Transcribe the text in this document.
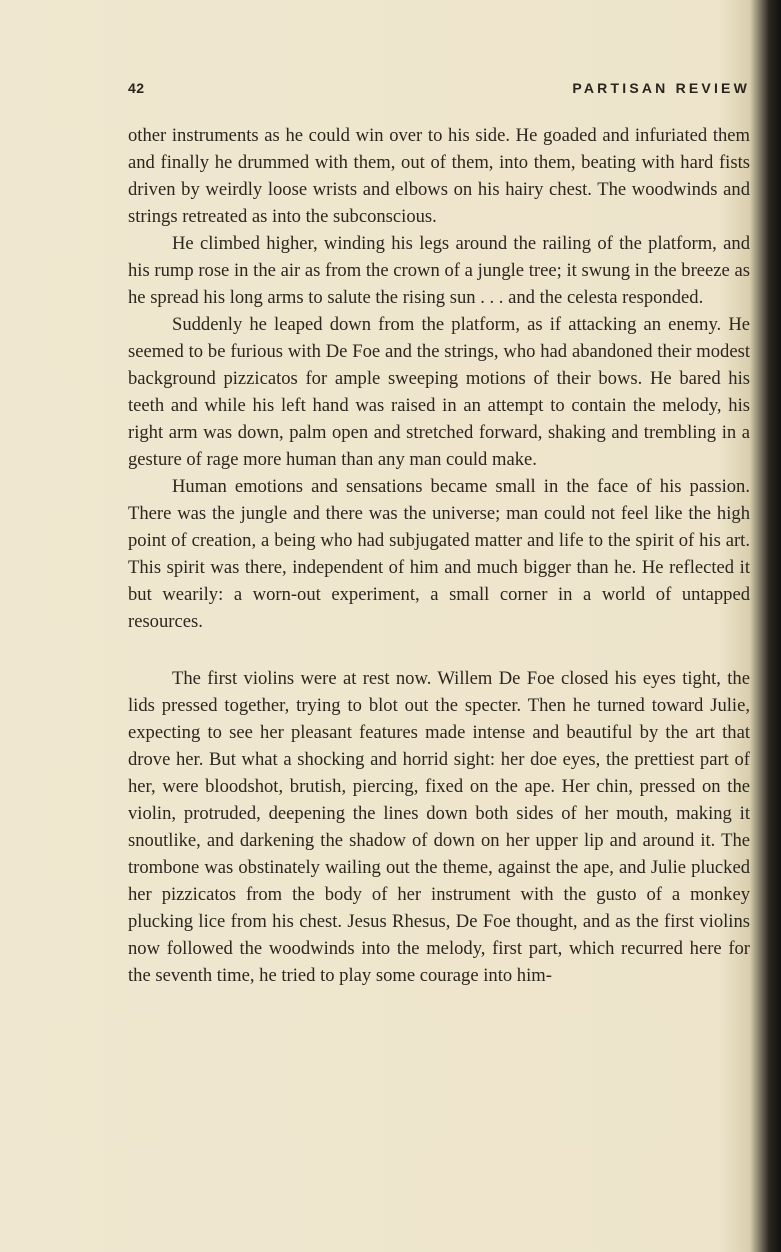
42	PARTISAN REVIEW

other instruments as he could win over to his side. He goaded and infuriated them and finally he drummed with them, out of them, into them, beating with hard fists driven by weirdly loose wrists and elbows on his hairy chest. The woodwinds and strings retreated as into the subconscious.

He climbed higher, winding his legs around the railing of the platform, and his rump rose in the air as from the crown of a jungle tree; it swung in the breeze as he spread his long arms to salute the rising sun . . . and the celesta responded.

Suddenly he leaped down from the platform, as if attacking an enemy. He seemed to be furious with De Foe and the strings, who had abandoned their modest background pizzicatos for ample sweeping motions of their bows. He bared his teeth and while his left hand was raised in an attempt to contain the melody, his right arm was down, palm open and stretched forward, shaking and trembling in a gesture of rage more human than any man could make.

Human emotions and sensations became small in the face of his passion. There was the jungle and there was the universe; man could not feel like the high point of creation, a being who had subjugated matter and life to the spirit of his art. This spirit was there, independent of him and much bigger than he. He reflected it but wearily: a worn-out experiment, a small corner in a world of untapped resources.

The first violins were at rest now. Willem De Foe closed his eyes tight, the lids pressed together, trying to blot out the specter. Then he turned toward Julie, expecting to see her pleasant features made intense and beautiful by the art that drove her. But what a shocking and horrid sight: her doe eyes, the prettiest part of her, were bloodshot, brutish, piercing, fixed on the ape. Her chin, pressed on the violin, protruded, deepening the lines down both sides of her mouth, making it snoutlike, and darkening the shadow of down on her upper lip and around it. The trombone was obstinately wailing out the theme, against the ape, and Julie plucked her pizzicatos from the body of her instrument with the gusto of a monkey plucking lice from his chest. Jesus Rhesus, De Foe thought, and as the first violins now followed the woodwinds into the melody, first part, which recurred here for the seventh time, he tried to play some courage into him-
